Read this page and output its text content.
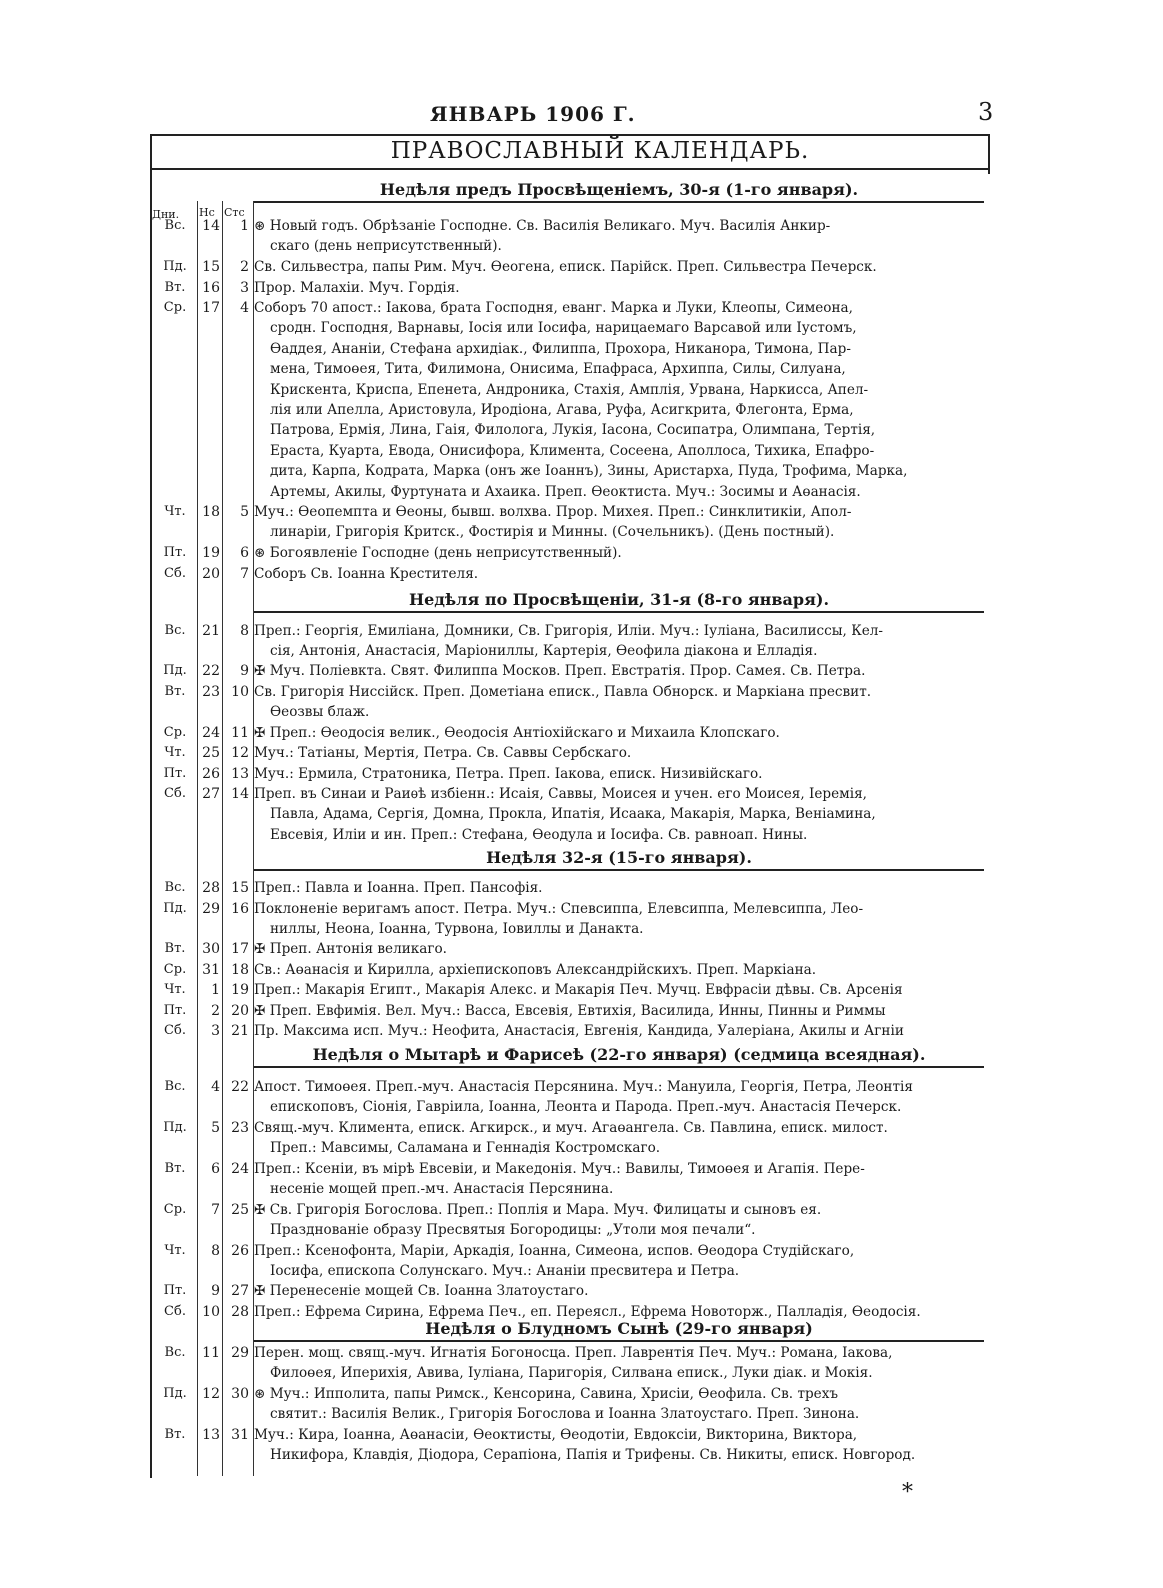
ЯНВАРЬ 1906 Г.	3
ПРАВОСЛАВНЫЙ КАЛЕНДАРЬ.
Дни. Нс Стс
Недѣля предъ Просвѣщеніемъ, 30-я (1-го января).
Недѣля по Просвѣщеніи, 31-я (8-го января).
Недѣля 32-я (15-го января).
Недѣля о Мытарѣ и Фарисеѣ (22-го января) (седмица всеядная).
Недѣля о Блудномъ Сынѣ (29-го января)
Вс.	14	1 ⊛ Новый годъ. Обрѣзаніе Господне. Св. Василія Великаго. Муч. Василія Анкир-
скаго (день неприсутственный).
Пд.	15	2 Св. Сильвестра, папы Рим. Муч. Өеогена, еписк. Парійск. Преп. Сильвестра Печерск.
Вт.	16	3 Прор. Малахіи. Муч. Гордія.
Ср.	17	4 Соборъ 70 апост.: Іакова, брата Господня, еванг. Марка и Луки, Клеопы, Симеона,
сродн. Господня, Варнавы, Іосія или Іосифа, нарицаемаго Варсавой или Іустомъ,
Өаддея, Ананіи, Стефана архидіак., Филиппа, Прохора, Никанора, Тимона, Пар-
мена, Тимоөея, Тита, Филимона, Онисима, Епафраса, Архиппа, Силы, Силуана,
Крискента, Криспа, Епенета, Андроника, Стахія, Амплія, Урвана, Наркисса, Апел-
лія или Апелла, Аристовула, Иродіона, Агава, Руфа, Асигкрита, Флегонта, Ерма,
Патрова, Ермія, Лина, Гаія, Филолога, Лукія, Іасона, Сосипатра, Олимпана, Тертія,
Ераста, Куарта, Евода, Онисифора, Климента, Сосеена, Аполлоса, Тихика, Епафро-
дита, Карпа, Кодрата, Марка (онъ же Іоаннъ), Зины, Аристарха, Пуда, Трофима, Марка,
Артемы, Акилы, Фуртуната и Ахаика. Преп. Өеоктиста. Муч.: Зосимы и Аөанасія.
Чт.	18	5 Муч.: Өеопемпта и Өеоны, бывш. волхва. Прор. Михея. Преп.: Синклитикіи, Апол-
линаріи, Григорія Критск., Фостирія и Минны. (Сочельникъ). (День постный).
Пт.	19	6 ⊛ Богоявленіе Господне (день неприсутственный).
Сб.	20	7 Соборъ Св. Іоанна Крестителя.
Вс.	21	8 Преп.: Георгія, Емиліана, Домники, Св. Григорія, Иліи. Муч.: Іуліана, Василиссы, Кел-
сія, Антонія, Анастасія, Маріониллы, Картерія, Өеофила діакона и Елладія.
Пд.	22	9 ✠ Муч. Поліевкта. Свят. Филиппа Москов. Преп. Евстратія. Прор. Самея. Св. Петра.
Вт.	23 10 Св. Григорія Ниссійск. Преп. Дометіана еписк., Павла Обнорск. и Маркіана пресвит.
Өеозвы блаж.
Ср.	24 11 ✠ Преп.: Өеодосія велик., Өеодосія Антіохійскаго и Михаила Клопскаго.
Чт.	25 12 Муч.: Татіаны, Мертія, Петра. Св. Саввы Сербскаго.
Пт.	26 13 Муч.: Ермила, Стратоника, Петра. Преп. Іакова, еписк. Низивійскаго.
Сб.	27 14 Преп. въ Синаи и Раиѳѣ избіенн.: Исаія, Саввы, Моисея и учен. его Моисея, Іеремія,
Павла, Адама, Сергія, Домна, Прокла, Ипатія, Исаака, Макарія, Марка, Веніамина,
Евсевія, Иліи и ин. Преп.: Стефана, Өеодула и Іосифа. Св. равноап. Нины.
Вс.	28 15 Преп.: Павла и Іоанна. Преп. Пансофія.
Пд.	29 16 Поклоненіе веригамъ апост. Петра. Муч.: Спевсиппа, Елевсиппа, Мелевсиппа, Лео-
ниллы, Неона, Іоанна, Турвона, Іовиллы и Данакта.
Вт.	30 17 ✠ Преп. Антонія великаго.
Ср.	31 18 Св.: Аөанасія и Кирилла, архіепископовъ Александрійскихъ. Преп. Маркіана.
Чт.	1 19 Преп.: Макарія Египт., Макарія Алекс. и Макарія Печ. Мучц. Евфрасіи дѣвы. Св. Арсенія
Пт.	2 20 ✠ Преп. Евфимія. Вел. Муч.: Васса, Евсевія, Евтихія, Василида, Инны, Пинны и Риммы
Сб.	3 21 Пр. Максима исп. Муч.: Неофита, Анастасія, Евгенія, Кандида, Уалеріана, Акилы и Агніи
Вс.	4 22 Апост. Тимоөея. Преп.-муч. Анастасія Персянина. Муч.: Мануила, Георгія, Петра, Леонтія
епископовъ, Сіонія, Гавріила, Іоанна, Леонта и Парода. Преп.-муч. Анастасія Печерск.
Пд.	5 23 Свящ.-муч. Климента, еписк. Агкирск., и муч. Агаөангела. Св. Павлина, еписк. милост.
Преп.: Мавсимы, Саламана и Геннадія Костромскаго.
Вт.	6 24 Преп.: Ксеніи, въ мірѣ Евсевіи, и Македонія. Муч.: Вавилы, Тимоөея и Агапія. Пере-
несеніе мощей преп.-мч. Анастасія Персянина.
Ср.	7 25 ✠ Св. Григорія Богослова. Преп.: Поплія и Мара. Муч. Филицаты и сыновъ ея.
Празднованіе образу Пресвятыя Богородицы: „Утоли моя печали“.
Чт.	8 26 Преп.: Ксенофонта, Маріи, Аркадія, Іоанна, Симеона, испов. Өеодора Студійскаго,
Іосифа, епископа Солунскаго. Муч.: Ананіи пресвитера и Петра.
Пт.	9 27 ✠ Перенесеніе мощей Св. Іоанна Златоустаго.
Сб.	10 28 Преп.: Ефрема Сирина, Ефрема Печ., еп. Переясл., Ефрема Новоторж., Палладія, Өеодосія.
Вс.	11 29 Перен. мощ. свящ.-муч. Игнатія Богоносца. Преп. Лаврентія Печ. Муч.: Романа, Іакова,
Филоөея, Иперихія, Авива, Іуліана, Паригорія, Силвана еписк., Луки діак. и Мокія.
Пд.	12 30 ⊛ Муч.: Ипполита, папы Римск., Кенсорина, Савина, Хрисіи, Өеофила. Св. трехъ
святит.: Василія Велик., Григорія Богослова и Іоанна Златоустаго. Преп. Зинона.
Вт.	13 31 Муч.: Кира, Іоанна, Аөанасіи, Өеоктисты, Өеодотіи, Евдоксіи, Викторина, Виктора,
Никифора, Клавдія, Діодора, Серапіона, Папія и Трифены. Св. Никиты, еписк. Новгород.
*
